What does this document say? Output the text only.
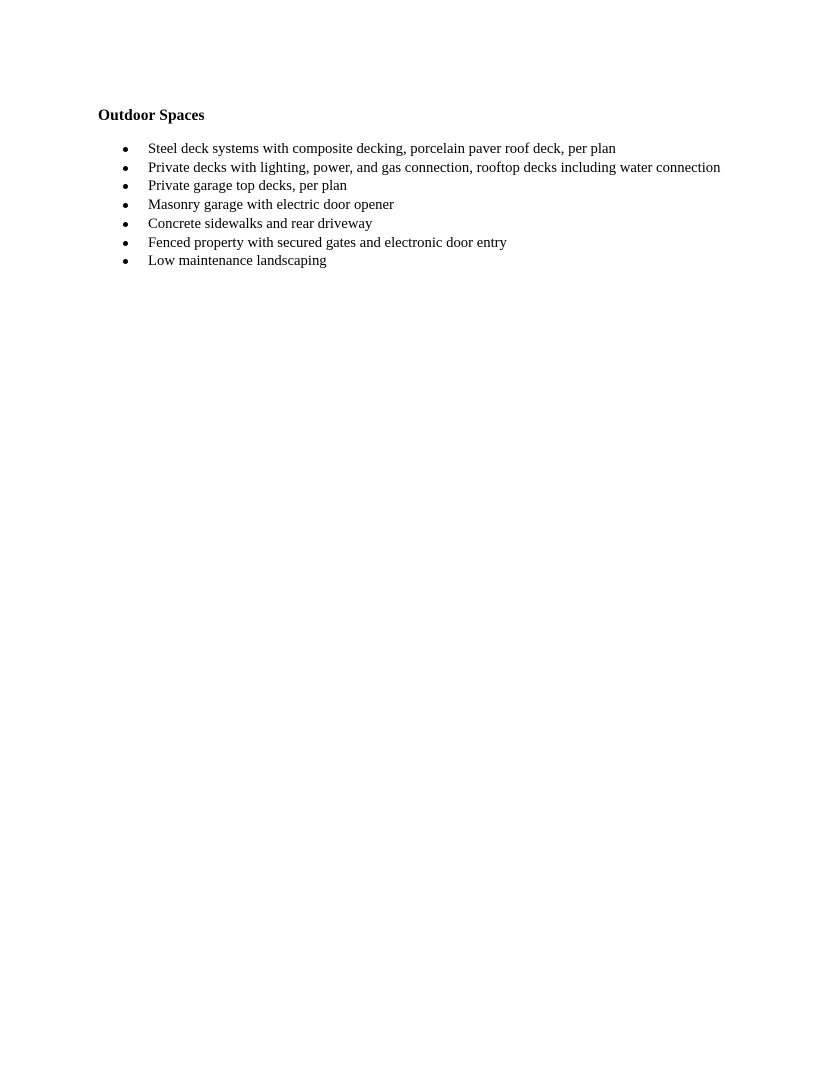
Outdoor Spaces
Steel deck systems with composite decking, porcelain paver roof deck, per plan
Private decks with lighting, power, and gas connection, rooftop decks including water connection
Private garage top decks, per plan
Masonry garage with electric door opener
Concrete sidewalks and rear driveway
Fenced property with secured gates and electronic door entry
Low maintenance landscaping
